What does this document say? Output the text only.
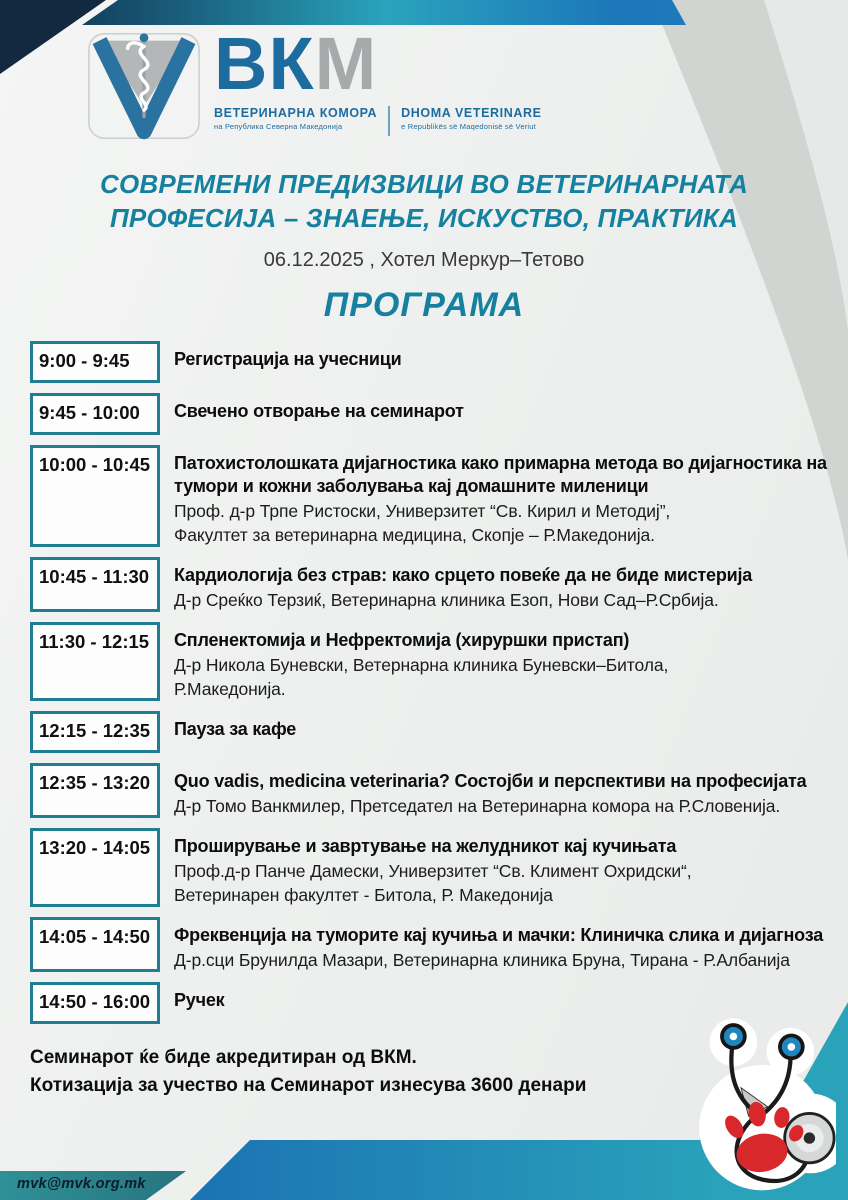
mvk@mvk.org.mk
ВКМ
ВЕТЕРИНАРНА КОМОРА
на Република Северна Македонија
DHOMA VETERINARE
e Republikës së Maqedonisë së Veriut
СОВРЕМЕНИ ПРЕДИЗВИЦИ ВО ВЕТЕРИНАРНАТА
ПРОФЕСИЈА – ЗНАЕЊЕ, ИСКУСТВО, ПРАКТИКА
06.12.2025 , Хотел Меркур–Тетово
ПРОГРАМА
9:00 - 9:45	Регистрација на учесници
9:45 - 10:00	Свечено отворање на семинарот
10:00 - 10:45	Патохистолошката дијагностика како примарна метода во дијагностика на тумори и кожни заболувања кај домашните миленици
Проф. д-р Трпе Ристоски, Универзитет “Св. Кирил и Методиј”,
Факултет за ветеринарна медицина, Скопје – Р.Македонија.
10:45 - 11:30	Кардиологија без страв: како срцето повеќе да не биде мистерија
Д-р Среќко Терзиќ, Ветеринарна клиника Езоп, Нови Сад–Р.Србија.
11:30 - 12:15	Спленектомија и Нефректомија (хируршки пристап)
Д-р Никола Буневски, Ветернарна клиника Буневски–Битола,
Р.Македонија.
12:15 - 12:35	Пауза за кафе
12:35 - 13:20	Quo vadis, medicina veterinaria? Состојби и перспективи на професијата
Д-р Томо Ванкмилер, Претседател на Ветеринарна комора на Р.Словенија.
13:20 - 14:05	Проширување и завртување на желудникот кај кучињата
Проф.д-р Панче Дамески, Универзитет “Св. Климент Охридски“,
Ветеринарен факултет - Битола, Р. Македонија
14:05 - 14:50	Фреквенција на туморите кај кучиња и мачки: Клиничка слика и дијагноза
Д-р.сци Брунилда Мазари, Ветеринарна клиника Бруна, Тирана - Р.Албанија
14:50 - 16:00	Ручек
Семинарот ќе биде акредитиран од ВКМ.
Котизација за учество на Семинарот изнесува 3600 денари
